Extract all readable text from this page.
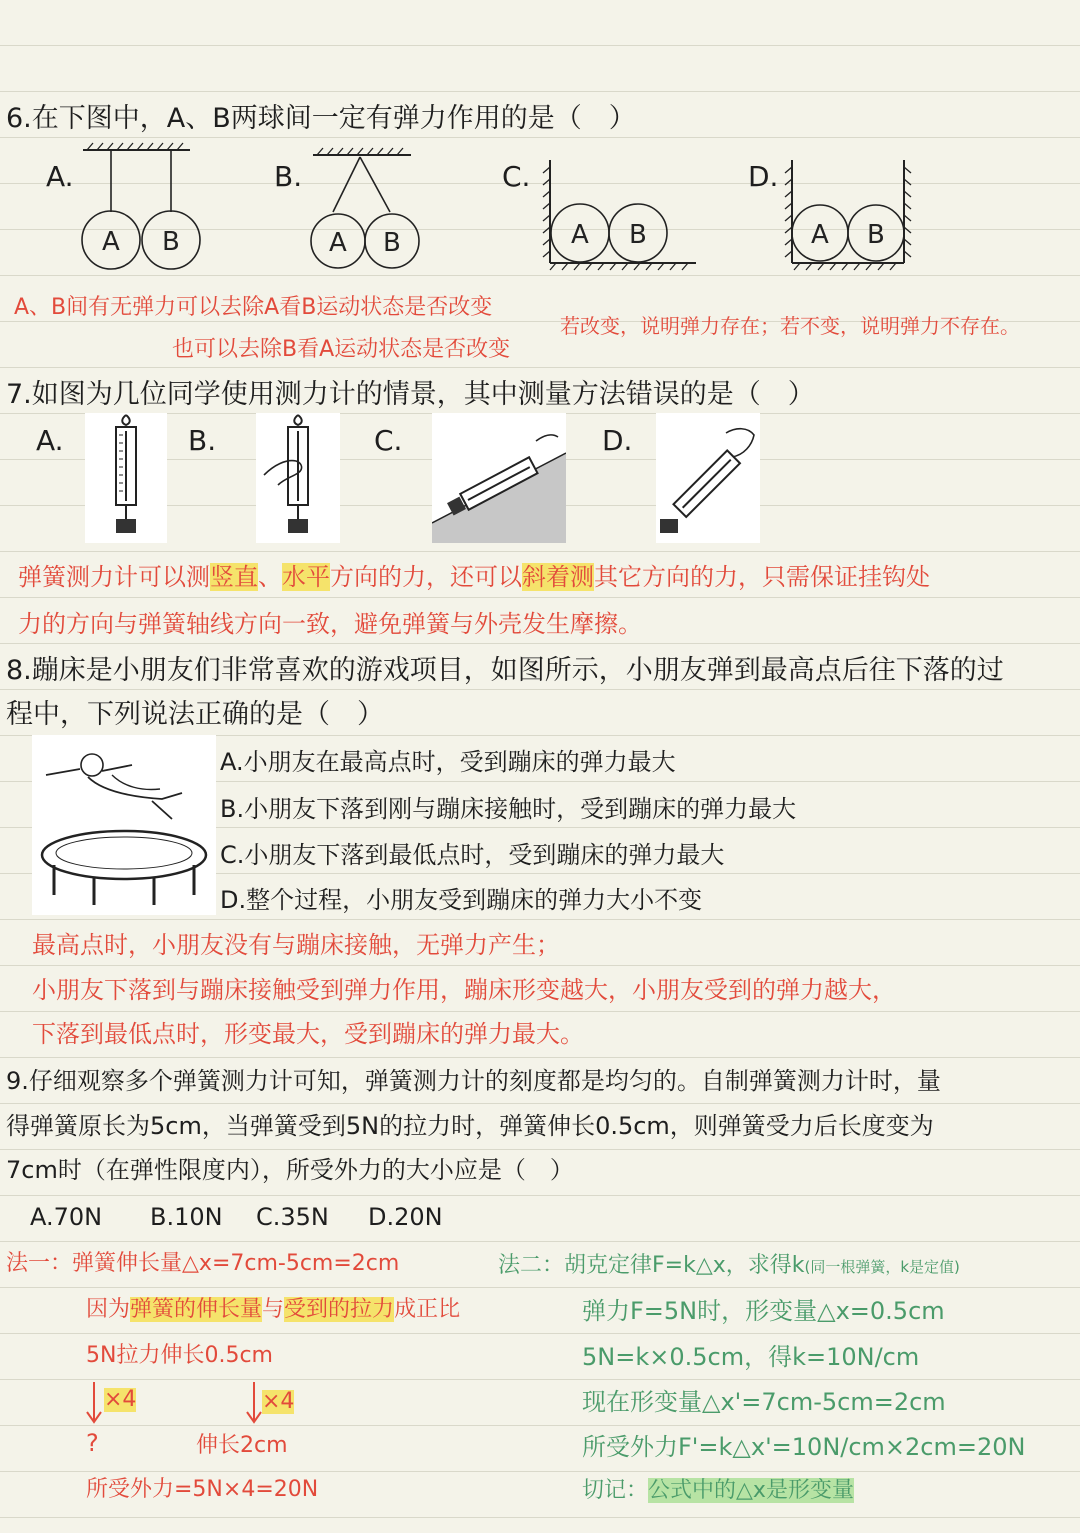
6.在下图中，A、B两球间一定有弹力作用的是（　）
A.	B.	C.	D.
A B	A B	A B	A B
A、B间有无弹力可以去除A看B运动状态是否改变
若改变，说明弹力存在；若不变，说明弹力不存在。
也可以去除B看A运动状态是否改变
7.如图为几位同学使用测力计的情景，其中测量方法错误的是（　）
A.	B.	C.	D.
弹簧测力计可以测竖直、水平方向的力，还可以斜着测其它方向的力，只需保证挂钩处
力的方向与弹簧轴线方向一致，避免弹簧与外壳发生摩擦。
8.蹦床是小朋友们非常喜欢的游戏项目，如图所示，小朋友弹到最高点后往下落的过
程中，下列说法正确的是（　）
A.小朋友在最高点时，受到蹦床的弹力最大
B.小朋友下落到刚与蹦床接触时，受到蹦床的弹力最大
C.小朋友下落到最低点时，受到蹦床的弹力最大
D.整个过程，小朋友受到蹦床的弹力大小不变
最高点时，小朋友没有与蹦床接触，无弹力产生；
小朋友下落到与蹦床接触受到弹力作用，蹦床形变越大，小朋友受到的弹力越大，
下落到最低点时，形变最大，受到蹦床的弹力最大。
9.仔细观察多个弹簧测力计可知，弹簧测力计的刻度都是均匀的。自制弹簧测力计时，量
得弹簧原长为5cm，当弹簧受到5N的拉力时，弹簧伸长0.5cm，则弹簧受力后长度变为
7cm时（在弹性限度内），所受外力的大小应是（　）
A.70N B.10N C.35N D.20N
法一：弹簧伸长量△x=7cm-5cm=2cm
因为弹簧的伸长量与受到的拉力成正比
5N拉力伸长0.5cm
×4	×4
?	伸长2cm
所受外力=5N×4=20N
法二：胡克定律F=k△x，求得k(同一根弹簧，k是定值)
弹力F=5N时，形变量△x=0.5cm
5N=k×0.5cm，得k=10N/cm
现在形变量△x'=7cm-5cm=2cm
所受外力F'=k△x'=10N/cm×2cm=20N
切记：公式中的△x是形变量
